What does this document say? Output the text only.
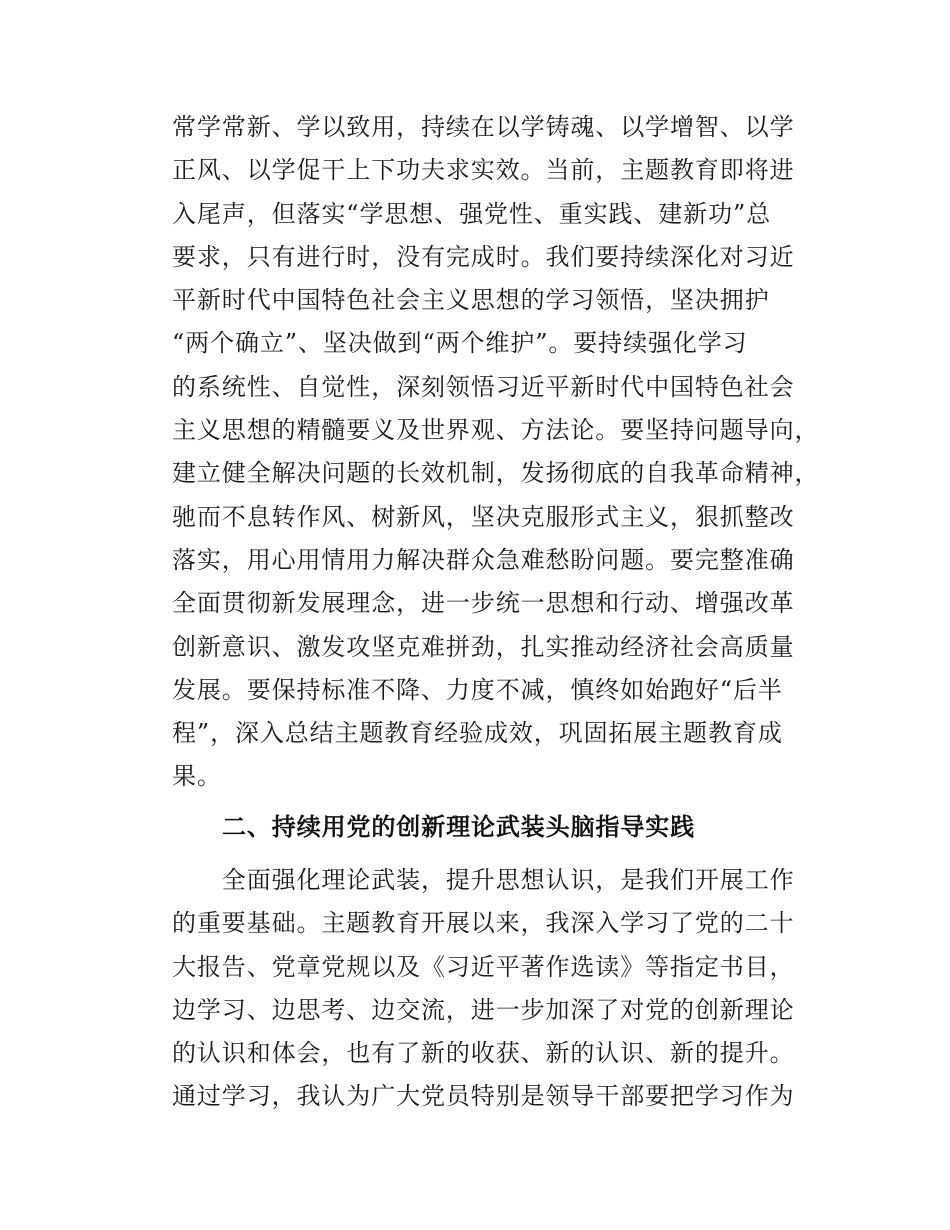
常学常新、学以致用，持续在以学铸魂、以学增智、以学
正风、以学促干上下功夫求实效。当前，主题教育即将进
入尾声，但落实“学思想、强党性、重实践、建新功”总
要求，只有进行时，没有完成时。我们要持续深化对习近
平新时代中国特色社会主义思想的学习领悟，坚决拥护
“两个确立”、坚决做到“两个维护”。要持续强化学习
的系统性、自觉性，深刻领悟习近平新时代中国特色社会
主义思想的精髓要义及世界观、方法论。要坚持问题导向，
建立健全解决问题的长效机制，发扬彻底的自我革命精神，
驰而不息转作风、树新风，坚决克服形式主义，狠抓整改
落实，用心用情用力解决群众急难愁盼问题。要完整准确
全面贯彻新发展理念，进一步统一思想和行动、增强改革
创新意识、激发攻坚克难拼劲，扎实推动经济社会高质量
发展。要保持标准不降、力度不减，慎终如始跑好“后半
程”，深入总结主题教育经验成效，巩固拓展主题教育成
果。
二、持续用党的创新理论武装头脑指导实践
　　全面强化理论武装，提升思想认识，是我们开展工作
的重要基础。主题教育开展以来，我深入学习了党的二十
大报告、党章党规以及《习近平著作选读》等指定书目，
边学习、边思考、边交流，进一步加深了对党的创新理论
的认识和体会，也有了新的收获、新的认识、新的提升。
通过学习，我认为广大党员特别是领导干部要把学习作为
